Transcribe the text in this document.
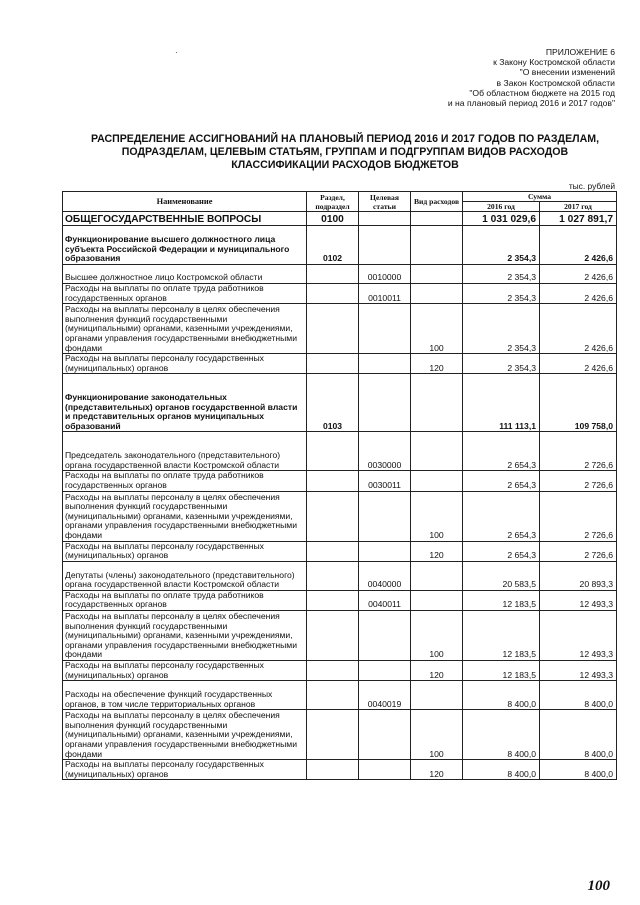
ПРИЛОЖЕНИЕ 6
к Закону Костромской области
"О внесении изменений
в Закон Костромской области
"Об областном бюджете на 2015 год
и на плановый период 2016 и 2017 годов"
·
РАСПРЕДЕЛЕНИЕ АССИГНОВАНИЙ НА ПЛАНОВЫЙ ПЕРИОД 2016 И 2017 ГОДОВ ПО РАЗДЕЛАМ,
ПОДРАЗДЕЛАМ, ЦЕЛЕВЫМ СТАТЬЯМ, ГРУППАМ И ПОДГРУППАМ ВИДОВ РАСХОДОВ
КЛАССИФИКАЦИИ РАСХОДОВ БЮДЖЕТОВ
тыс. рублей
Наименование	Раздел, подраздел	Целевая статьи	Вид расходов	Сумма	
				2016 год	2017 год
ОБЩЕГОСУДАРСТВЕННЫЕ ВОПРОСЫ	0100			1 031 029,6	1 027 891,7
Функционирование высшего должностного лица субъекта Российской Федерации и муниципального образования	0102			2 354,3	2 426,6
Высшее должностное лицо Костромской области		0010000		2 354,3	2 426,6
Расходы на выплаты по оплате труда работников государственных органов		0010011		2 354,3	2 426,6
Расходы на выплаты персоналу в целях обеспечения выполнения функций государственными (муниципальными) органами, казенными учреждениями, органами управления государственными внебюджетными фондами			100	2 354,3	2 426,6
Расходы на выплаты персоналу государственных (муниципальных) органов			120	2 354,3	2 426,6
Функционирование законодательных (представительных) органов государственной власти и представительных органов муниципальных образований	0103			111 113,1	109 758,0
Председатель законодательного (представительного) органа государственной власти Костромской области		0030000		2 654,3	2 726,6
Расходы на выплаты по оплате труда работников государственных органов		0030011		2 654,3	2 726,6
Расходы на выплаты персоналу в целях обеспечения выполнения функций государственными (муниципальными) органами, казенными учреждениями, органами управления государственными внебюджетными фондами			100	2 654,3	2 726,6
Расходы на выплаты персоналу государственных (муниципальных) органов			120	2 654,3	2 726,6
Депутаты (члены) законодательного (представительного) органа государственной власти Костромской области		0040000		20 583,5	20 893,3
Расходы на выплаты по оплате труда работников государственных органов		0040011		12 183,5	12 493,3
Расходы на выплаты персоналу в целях обеспечения выполнения функций государственными (муниципальными) органами, казенными учреждениями, органами управления государственными внебюджетными фондами			100	12 183,5	12 493,3
Расходы на выплаты персоналу государственных (муниципальных) органов			120	12 183,5	12 493,3
Расходы на обеспечение функций государственных органов, в том числе территориальных органов		0040019		8 400,0	8 400,0
Расходы на выплаты персоналу в целях обеспечения выполнения функций государственными (муниципальными) органами, казенными учреждениями, органами управления государственными внебюджетными фондами			100	8 400,0	8 400,0
Расходы на выплаты персоналу государственных (муниципальных) органов			120	8 400,0	8 400,0
100
